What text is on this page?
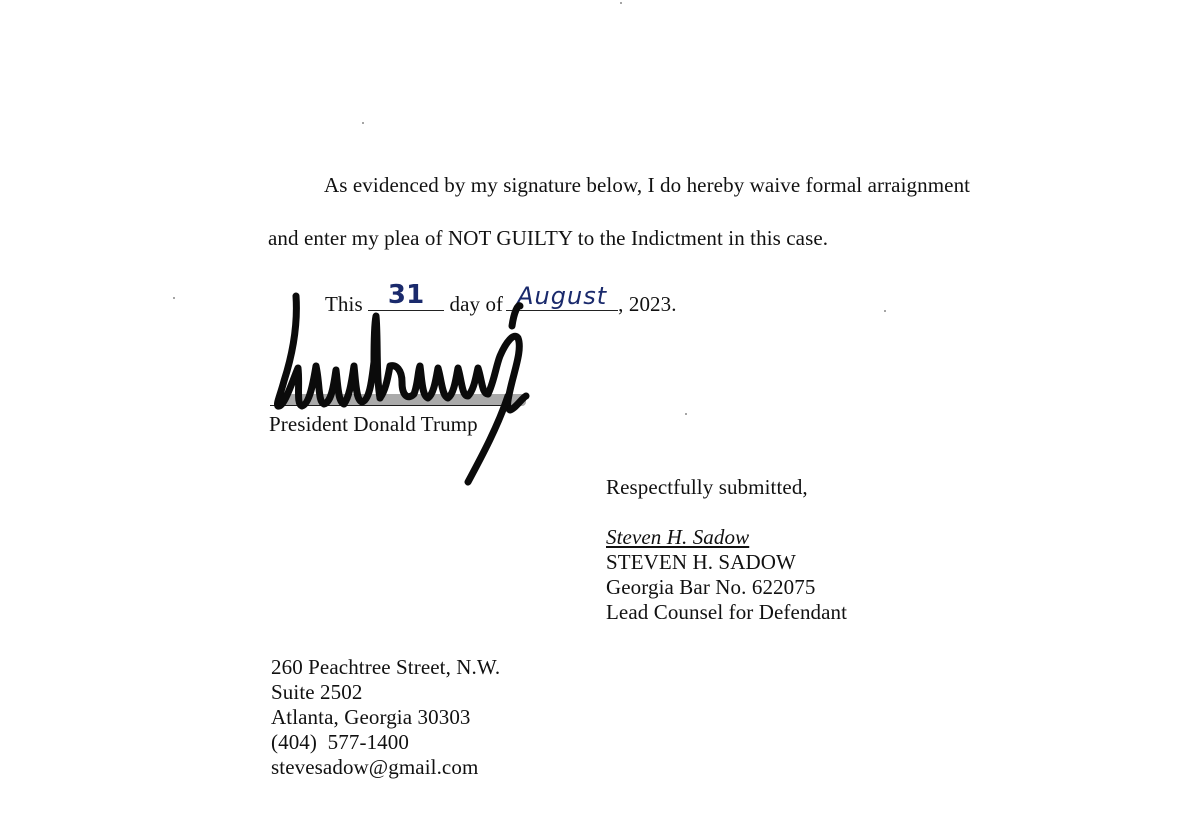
As evidenced by my signature below, I do hereby waive formal arraignment
and enter my plea of NOT GUILTY to the Indictment in this case.
This 31	day of August , 2023.
President Donald Trump
Respectfully submitted,
Steven H. Sadow
STEVEN H. SADOW
Georgia Bar No. 622075
Lead Counsel for Defendant
260 Peachtree Street, N.W.
Suite 2502
Atlanta, Georgia 30303
(404)  577-1400
stevesadow@gmail.com
